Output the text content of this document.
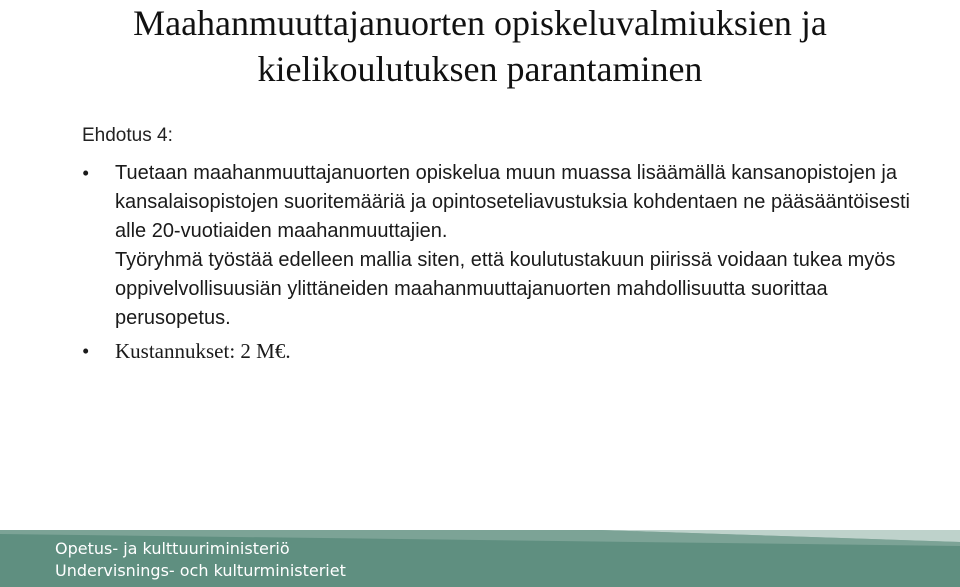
Maahanmuuttajanuorten opiskeluvalmiuksien ja
kielikoulutuksen parantaminen
Ehdotus 4:
• Tuetaan maahanmuuttajanuorten opiskelua muun muassa lisäämällä kansanopistojen ja kansalaisopistojen suoritemääriä ja opintoseteliavustuksia kohdentaen ne pääsääntöisesti alle 20-vuotiaiden maahanmuuttajien.
Työryhmä työstää edelleen mallia siten, että koulutustakuun piirissä voidaan tukea myös oppivelvollisuusiän ylittäneiden maahanmuuttajanuorten mahdollisuutta suorittaa perusopetus.
• Kustannukset: 2 M€.
Opetus- ja kulttuuriministeriö
Undervisnings- och kulturministeriet
